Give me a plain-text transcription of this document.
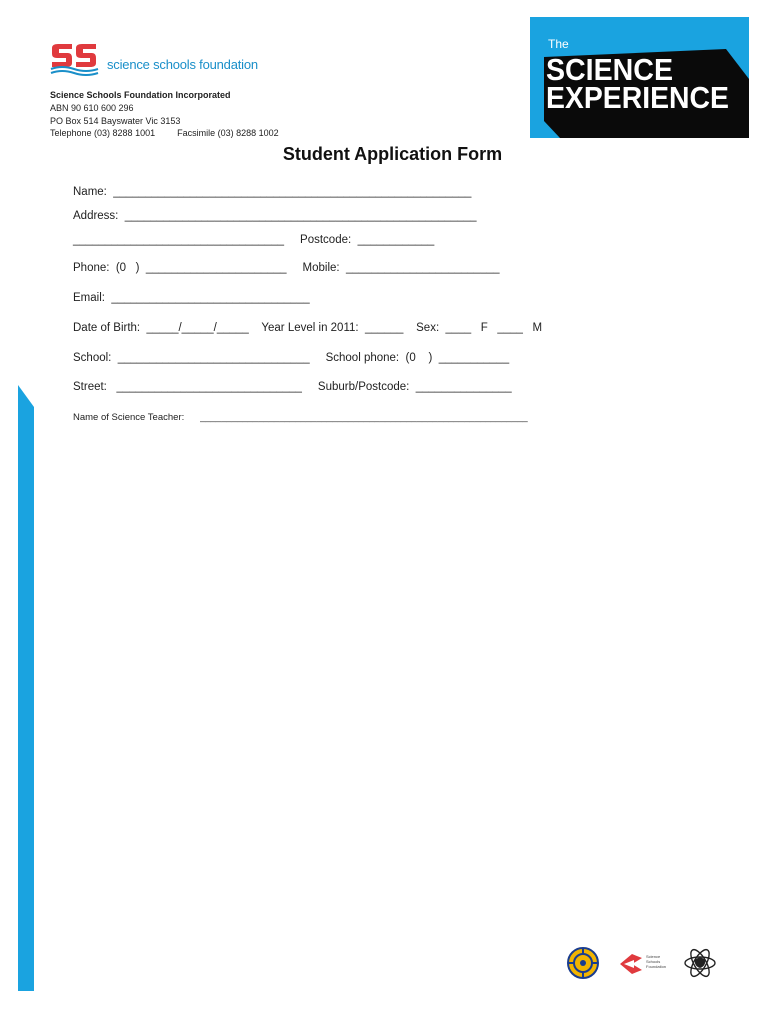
science schools foundation
Science Schools Foundation Incorporated
ABN 90 610 600 296
PO Box 514 Bayswater Vic 3153
Telephone (03) 8288 1001 Facsimile (03) 8288 1002
The
SCIENCE
EXPERIENCE
Student Application Form
Name:  ________________________________________________________
Address:  _______________________________________________________
_________________________________     Postcode:  ____________
Phone:  (0   )  ______________________     Mobile:  ________________________
Email:  _______________________________
Date of Birth:  _____/_____/_____    Year Level in 2011:  ______    Sex:  ____   F   ____   M
School:  ______________________________     School phone:  (0    )  ___________
Street:   _____________________________     Suburb/Postcode:  _______________
Name of Science Teacher:      ______________________________________________________________
Science
Schools
Foundation
